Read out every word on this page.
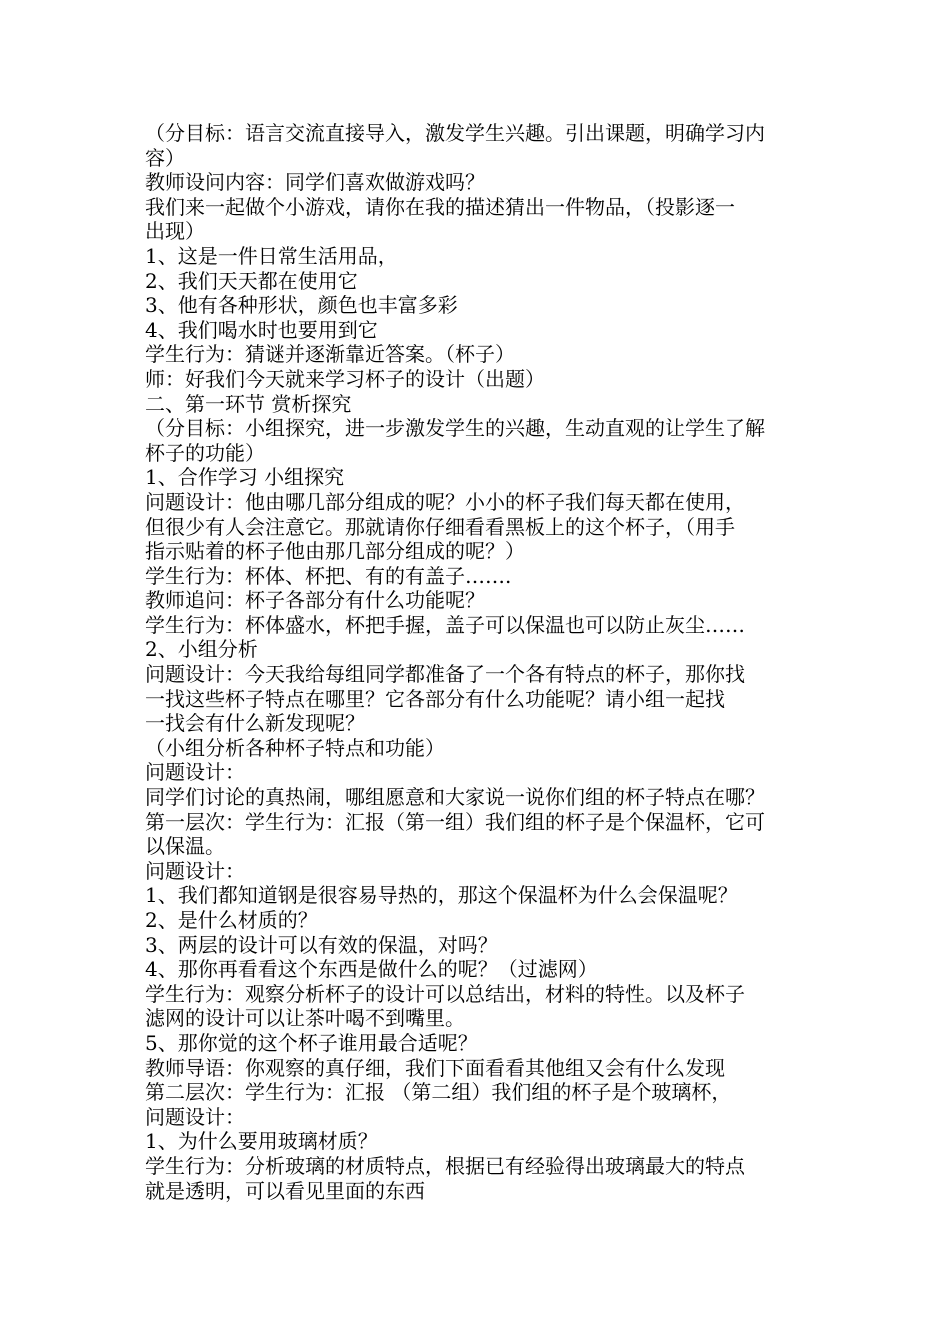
（分目标：语言交流直接导入，激发学生兴趣。引出课题，明确学习内

容）

教师设问内容：同学们喜欢做游戏吗？

我们来一起做个小游戏，请你在我的描述猜出一件物品，（投影逐一

出现）

1、这是一件日常生活用品，

2、我们天天都在使用它

3、他有各种形状，颜色也丰富多彩

4、我们喝水时也要用到它

学生行为：猜谜并逐渐靠近答案。（杯子）

师：好我们今天就来学习杯子的设计（出题）

二、第一环节 赏析探究

（分目标：小组探究，进一步激发学生的兴趣，生动直观的让学生了解

杯子的功能）

1、合作学习 小组探究

问题设计：他由哪几部分组成的呢？小小的杯子我们每天都在使用，

但很少有人会注意它。那就请你仔细看看黑板上的这个杯子，（用手

指示贴着的杯子他由那几部分组成的呢？）

学生行为：杯体、杯把、有的有盖子…….

教师追问：杯子各部分有什么功能呢？

学生行为：杯体盛水，杯把手握，盖子可以保温也可以防止灰尘……

2、小组分析

问题设计：今天我给每组同学都准备了一个各有特点的杯子，那你找

一找这些杯子特点在哪里？它各部分有什么功能呢？请小组一起找

一找会有什么新发现呢？

（小组分析各种杯子特点和功能）

问题设计：

同学们讨论的真热闹，哪组愿意和大家说一说你们组的杯子特点在哪？

第一层次：学生行为：汇报（第一组）我们组的杯子是个保温杯，它可

以保温。

问题设计：

1、我们都知道钢是很容易导热的，那这个保温杯为什么会保温呢？

2、是什么材质的？

3、两层的设计可以有效的保温，对吗？

4、那你再看看这个东西是做什么的呢？（过滤网）

学生行为：观察分析杯子的设计可以总结出，材料的特性。以及杯子

滤网的设计可以让茶叶喝不到嘴里。

5、那你觉的这个杯子谁用最合适呢？

教师导语：你观察的真仔细，我们下面看看其他组又会有什么发现

第二层次：学生行为：汇报 （第二组）我们组的杯子是个玻璃杯，

问题设计：

1、为什么要用玻璃材质？

学生行为：分析玻璃的材质特点，根据已有经验得出玻璃最大的特点

就是透明，可以看见里面的东西
